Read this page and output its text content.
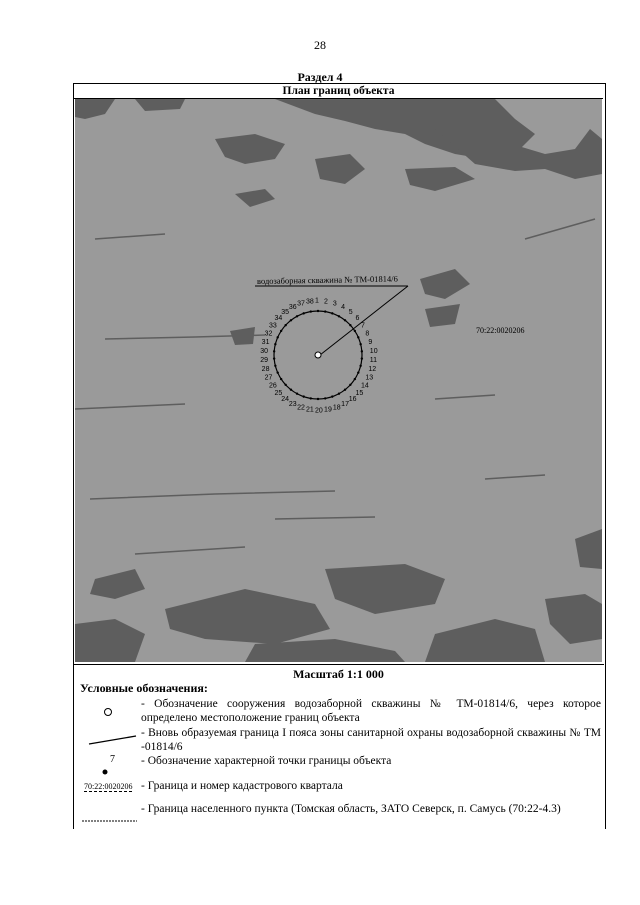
28
Раздел 4
План границ объекта
1 2 3
4
5
6
7
8
9
10
11
12
13
14
15
16
17
18
19
20
21
22
23
24
25
26
27
28
29
30
31
32
33
34
35
36
37 38
водозаборная скважина № ТМ-01814/6
70:22:0020206
Масштаб 1:1 000
Условные обозначения:
- Обозначение сооружения водозаборной скважины № ТМ-01814/6, через которое определено местоположение границ объекта
- Вновь образуемая граница I пояса зоны санитарной охраны водозаборной скважины № ТМ -01814/6
7 - Обозначение характерной точки границы объекта
70:22:0020206 - Граница и номер кадастрового квартала
- Граница населенного пункта (Томская область, ЗАТО Северск, п. Самусь (70:22-4.3)
